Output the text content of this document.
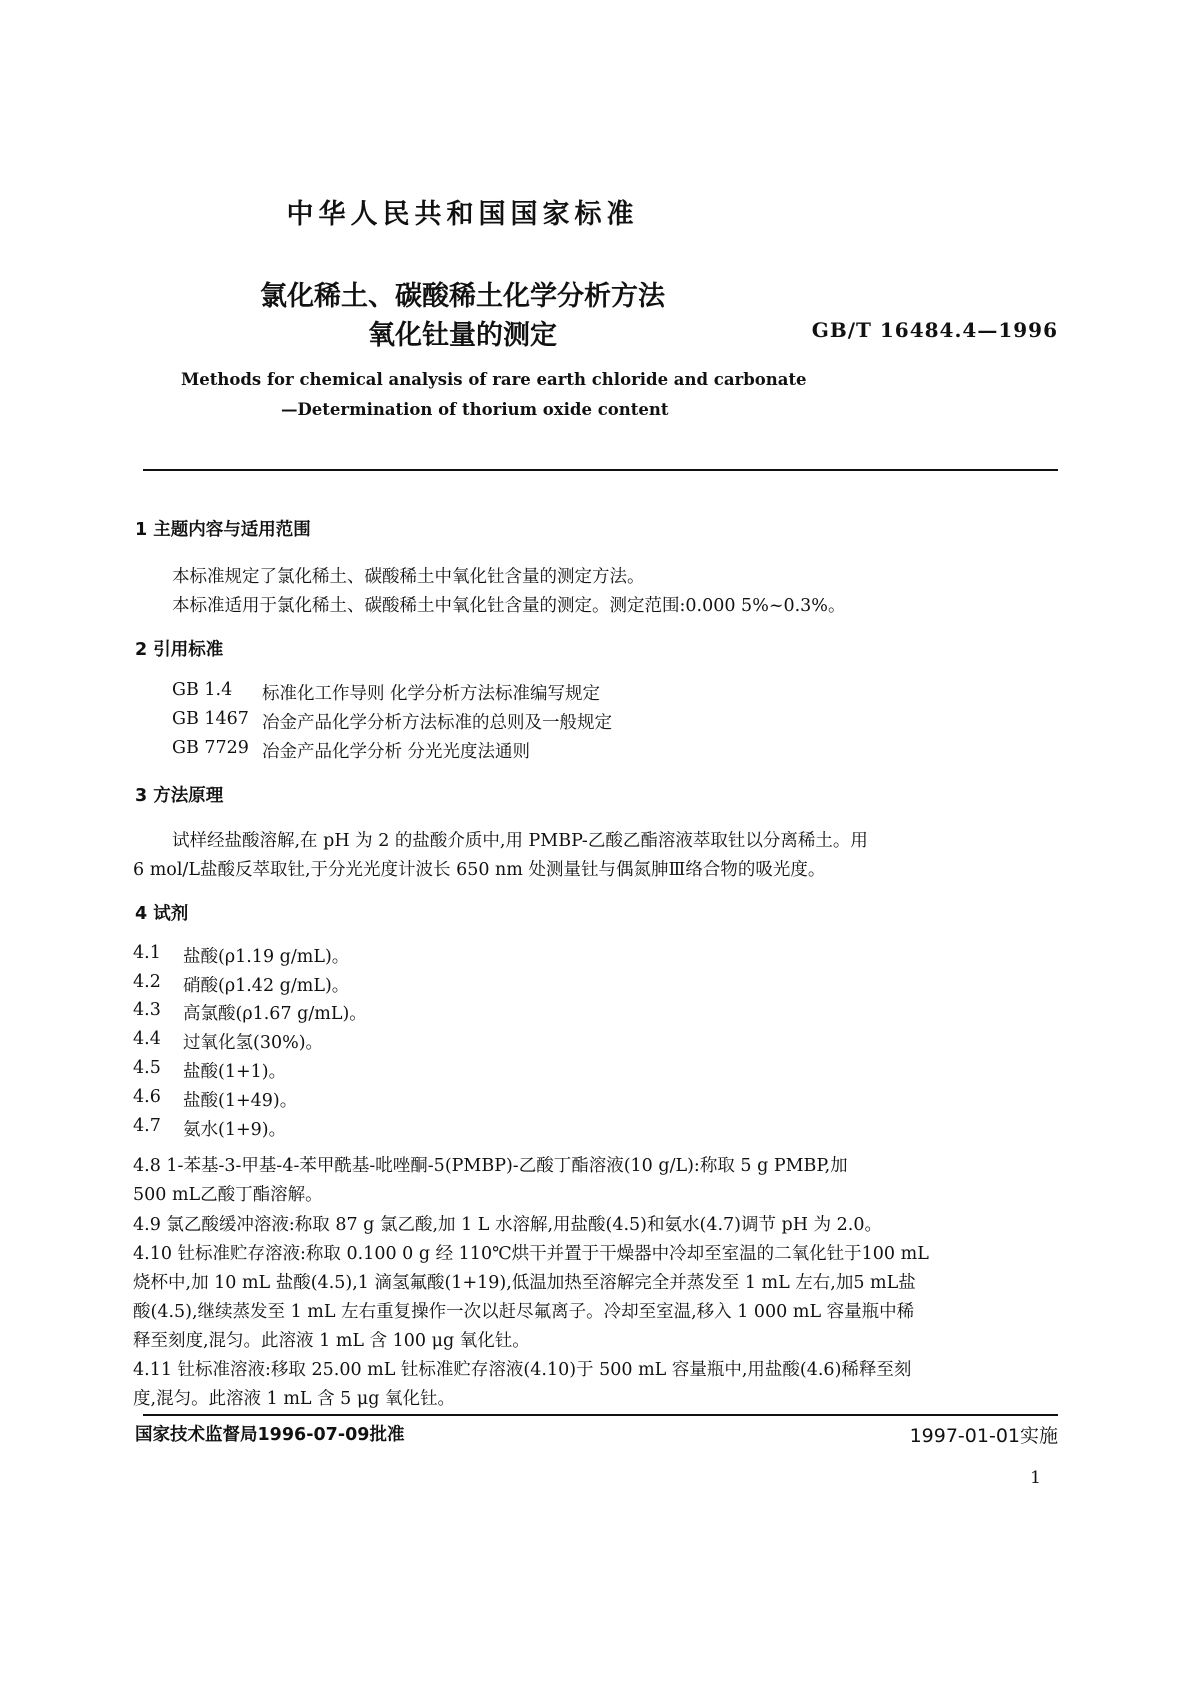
中华人民共和国国家标准
氯化稀土、碳酸稀土化学分析方法
氧化钍量的测定	GB/T 16484.4—1996
Methods for chemical analysis of rare earth chloride and carbonate
—Determination of thorium oxide content
1 主题内容与适用范围
本标准规定了氯化稀土、碳酸稀土中氧化钍含量的测定方法。
本标准适用于氯化稀土、碳酸稀土中氧化钍含量的测定。测定范围:0.000 5%~0.3%。
2 引用标准
GB 1.4 标准化工作导则 化学分析方法标准编写规定
GB 1467 冶金产品化学分析方法标准的总则及一般规定
GB 7729 冶金产品化学分析 分光光度法通则
3 方法原理
试样经盐酸溶解,在 pH 为 2 的盐酸介质中,用 PMBP-乙酸乙酯溶液萃取钍以分离稀土。用
6 mol/L盐酸反萃取钍,于分光光度计波长 650 nm 处测量钍与偶氮胂Ⅲ络合物的吸光度。
4 试剂
4.1 盐酸(ρ1.19 g/mL)。
4.2 硝酸(ρ1.42 g/mL)。
4.3 高氯酸(ρ1.67 g/mL)。
4.4 过氧化氢(30%)。
4.5 盐酸(1+1)。
4.6 盐酸(1+49)。
4.7 氨水(1+9)。
4.8 1-苯基-3-甲基-4-苯甲酰基-吡唑酮-5(PMBP)-乙酸丁酯溶液(10 g/L):称取 5 g PMBP,加
500 mL乙酸丁酯溶解。
4.9 氯乙酸缓冲溶液:称取 87 g 氯乙酸,加 1 L 水溶解,用盐酸(4.5)和氨水(4.7)调节 pH 为 2.0。
4.10 钍标准贮存溶液:称取 0.100 0 g 经 110℃烘干并置于干燥器中冷却至室温的二氧化钍于100 mL
烧杯中,加 10 mL 盐酸(4.5),1 滴氢氟酸(1+19),低温加热至溶解完全并蒸发至 1 mL 左右,加5 mL盐
酸(4.5),继续蒸发至 1 mL 左右重复操作一次以赶尽氟离子。冷却至室温,移入 1 000 mL 容量瓶中稀
释至刻度,混匀。此溶液 1 mL 含 100 μg 氧化钍。
4.11 钍标准溶液:移取 25.00 mL 钍标准贮存溶液(4.10)于 500 mL 容量瓶中,用盐酸(4.6)稀释至刻
度,混匀。此溶液 1 mL 含 5 μg 氧化钍。
国家技术监督局1996-07-09批准	1997-01-01实施
1
